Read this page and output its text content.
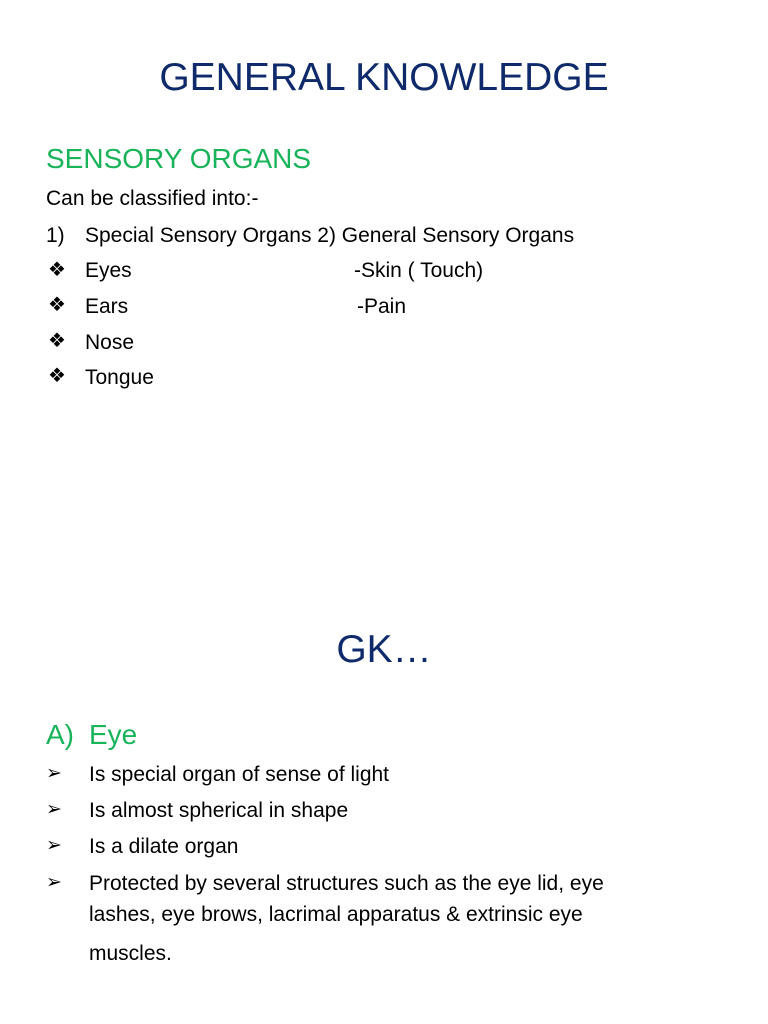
GENERAL KNOWLEDGE
SENSORY ORGANS
Can be classified into:-
1) Special Sensory Organs 2) General Sensory Organs
❖ Eyes	-Skin ( Touch)
❖ Ears	-Pain
❖ Nose
❖ Tongue
GK…
A) Eye
➢ Is special organ of sense of light
➢ Is almost spherical in shape
➢ Is a dilate organ
➢ Protected by several structures such as the eye lid, eye
lashes, eye brows, lacrimal apparatus & extrinsic eye
muscles.
